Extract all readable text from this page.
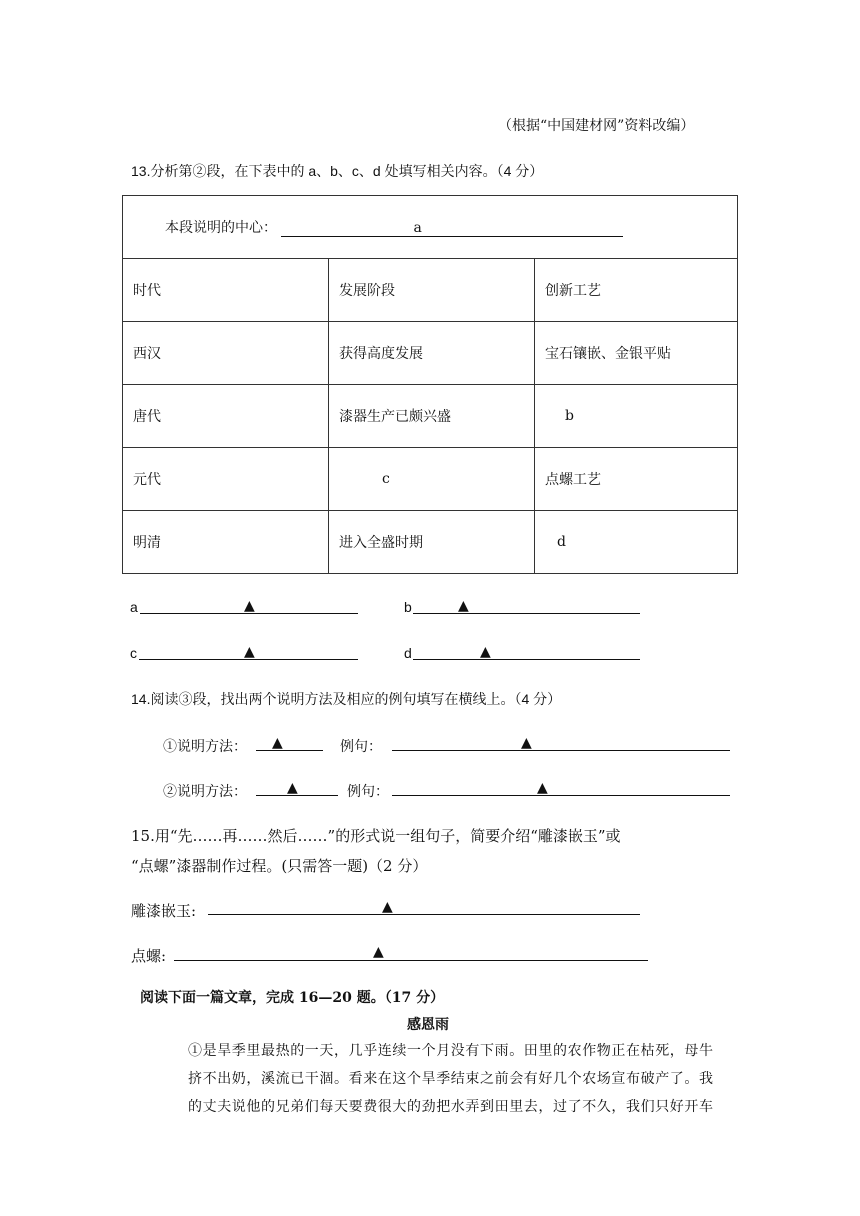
（根据“中国建材网”资料改编）
13.分析第②段，在下表中的 a、b、c、d 处填写相关内容。（4 分）
本段说明的中心： a		

时代	发展阶段	创新工艺
西汉	获得高度发展	宝石镶嵌、金银平贴
唐代	漆器生产已颇兴盛	b
元代	c	点螺工艺
明清	进入全盛时期	d
a	▲	b	▲
c	▲	d	▲
14.阅读③段，找出两个说明方法及相应的例句填写在横线上。（4 分）
①说明方法： ▲	例句：	▲
②说明方法：	▲	例句：	▲
15.用“先……再……然后……”的形式说一组句子，简要介绍“雕漆嵌玉”或
“点螺”漆器制作过程。(只需答一题)（2 分）
雕漆嵌玉:	▲
点螺:	▲
阅读下面一篇文章，完成 16—20 题。（17 分）
感恩雨
①是旱季里最热的一天，几乎连续一个月没有下雨。田里的农作物正在枯死，母牛
挤不出奶，溪流已干涸。看来在这个旱季结束之前会有好几个农场宣布破产了。我
的丈夫说他的兄弟们每天要费很大的劲把水弄到田里去，过了不久，我们只好开车
